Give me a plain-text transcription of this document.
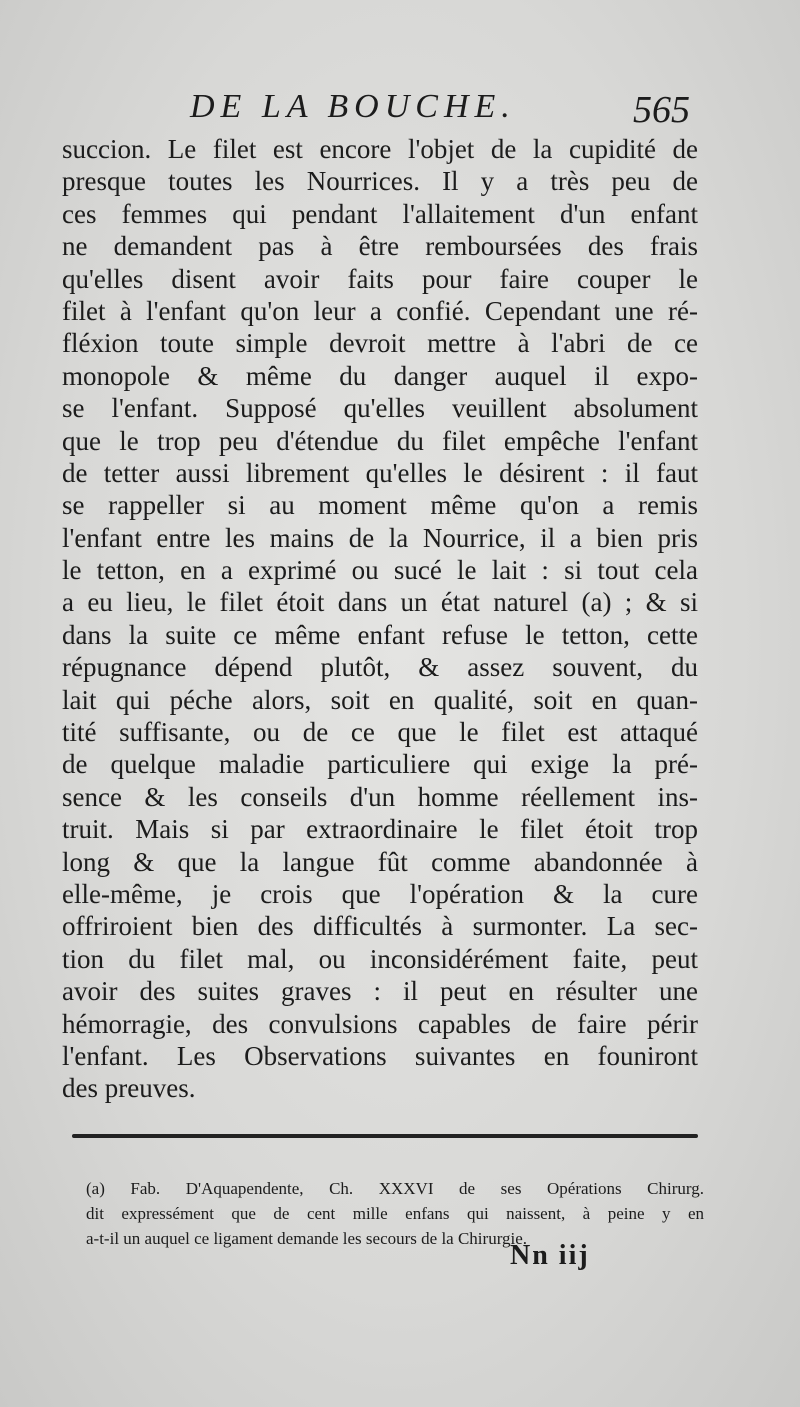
DE LA BOUCHE.	565
succion. Le filet est encore l'objet de la cupidité de
presque toutes les Nourrices. Il y a très peu de
ces femmes qui pendant l'allaitement d'un enfant
ne demandent pas à être remboursées des frais
qu'elles disent avoir faits pour faire couper le
filet à l'enfant qu'on leur a confié. Cependant une ré-
fléxion toute simple devroit mettre à l'abri de ce
monopole & même du danger auquel il expo-
se l'enfant. Supposé qu'elles veuillent absolument
que le trop peu d'étendue du filet empêche l'enfant
de tetter aussi librement qu'elles le désirent : il faut
se rappeller si au moment même qu'on a remis
l'enfant entre les mains de la Nourrice, il a bien pris
le tetton, en a exprimé ou sucé le lait : si tout cela
a eu lieu, le filet étoit dans un état naturel (a) ; & si
dans la suite ce même enfant refuse le tetton, cette
répugnance dépend plutôt, & assez souvent, du
lait qui péche alors, soit en qualité, soit en quan-
tité suffisante, ou de ce que le filet est attaqué
de quelque maladie particuliere qui exige la pré-
sence & les conseils d'un homme réellement ins-
truit. Mais si par extraordinaire le filet étoit trop
long & que la langue fût comme abandonnée à
elle-même, je crois que l'opération & la cure
offriroient bien des difficultés à surmonter. La sec-
tion du filet mal, ou inconsidérément faite, peut
avoir des suites graves : il peut en résulter une
hémorragie, des convulsions capables de faire périr
l'enfant. Les Observations suivantes en founiront
des preuves.
(a) Fab. D'Aquapendente, Ch. XXXVI de ses Opérations Chirurg.
dit expressément que de cent mille enfans qui naissent, à peine y en
a-t-il un auquel ce ligament demande les secours de la Chirurgie.
Nn iij
